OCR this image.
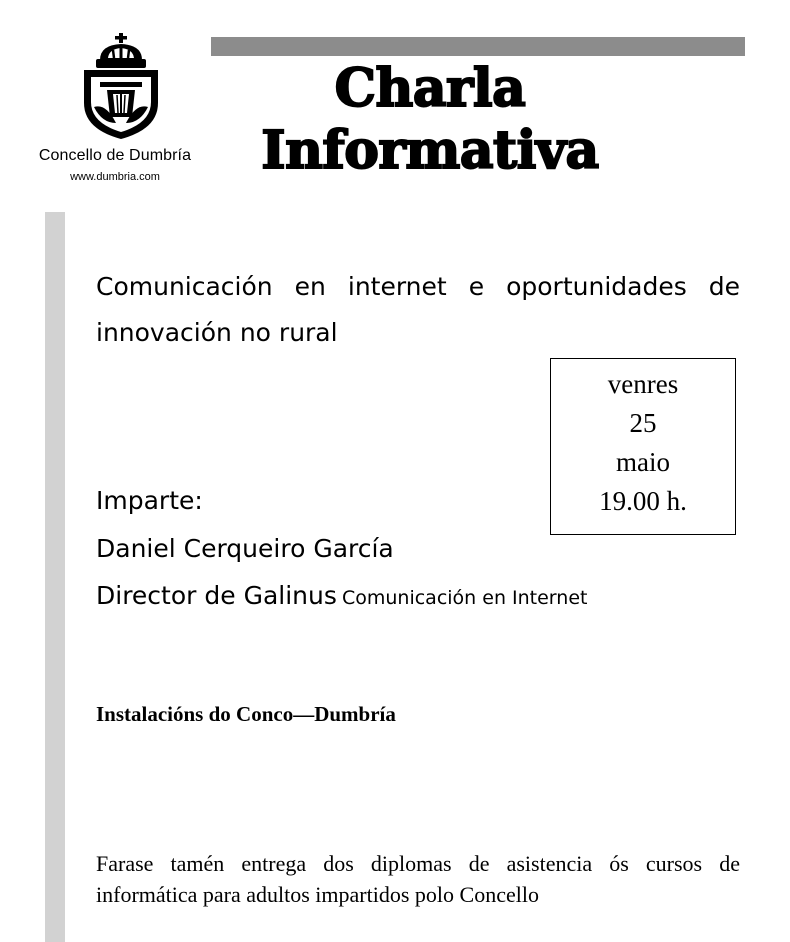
Concello de Dumbría
www.dumbria.com
Charla
Informativa
Comunicación en internet e oportunidades de innovación no rural
venres
25
maio
19.00 h.
Imparte:
Daniel Cerqueiro García
Director de Galinus Comunicación en Internet
Instalacións do Conco—Dumbría
Farase tamén entrega dos diplomas de asistencia ós cursos de informática para adultos impartidos polo Concello
